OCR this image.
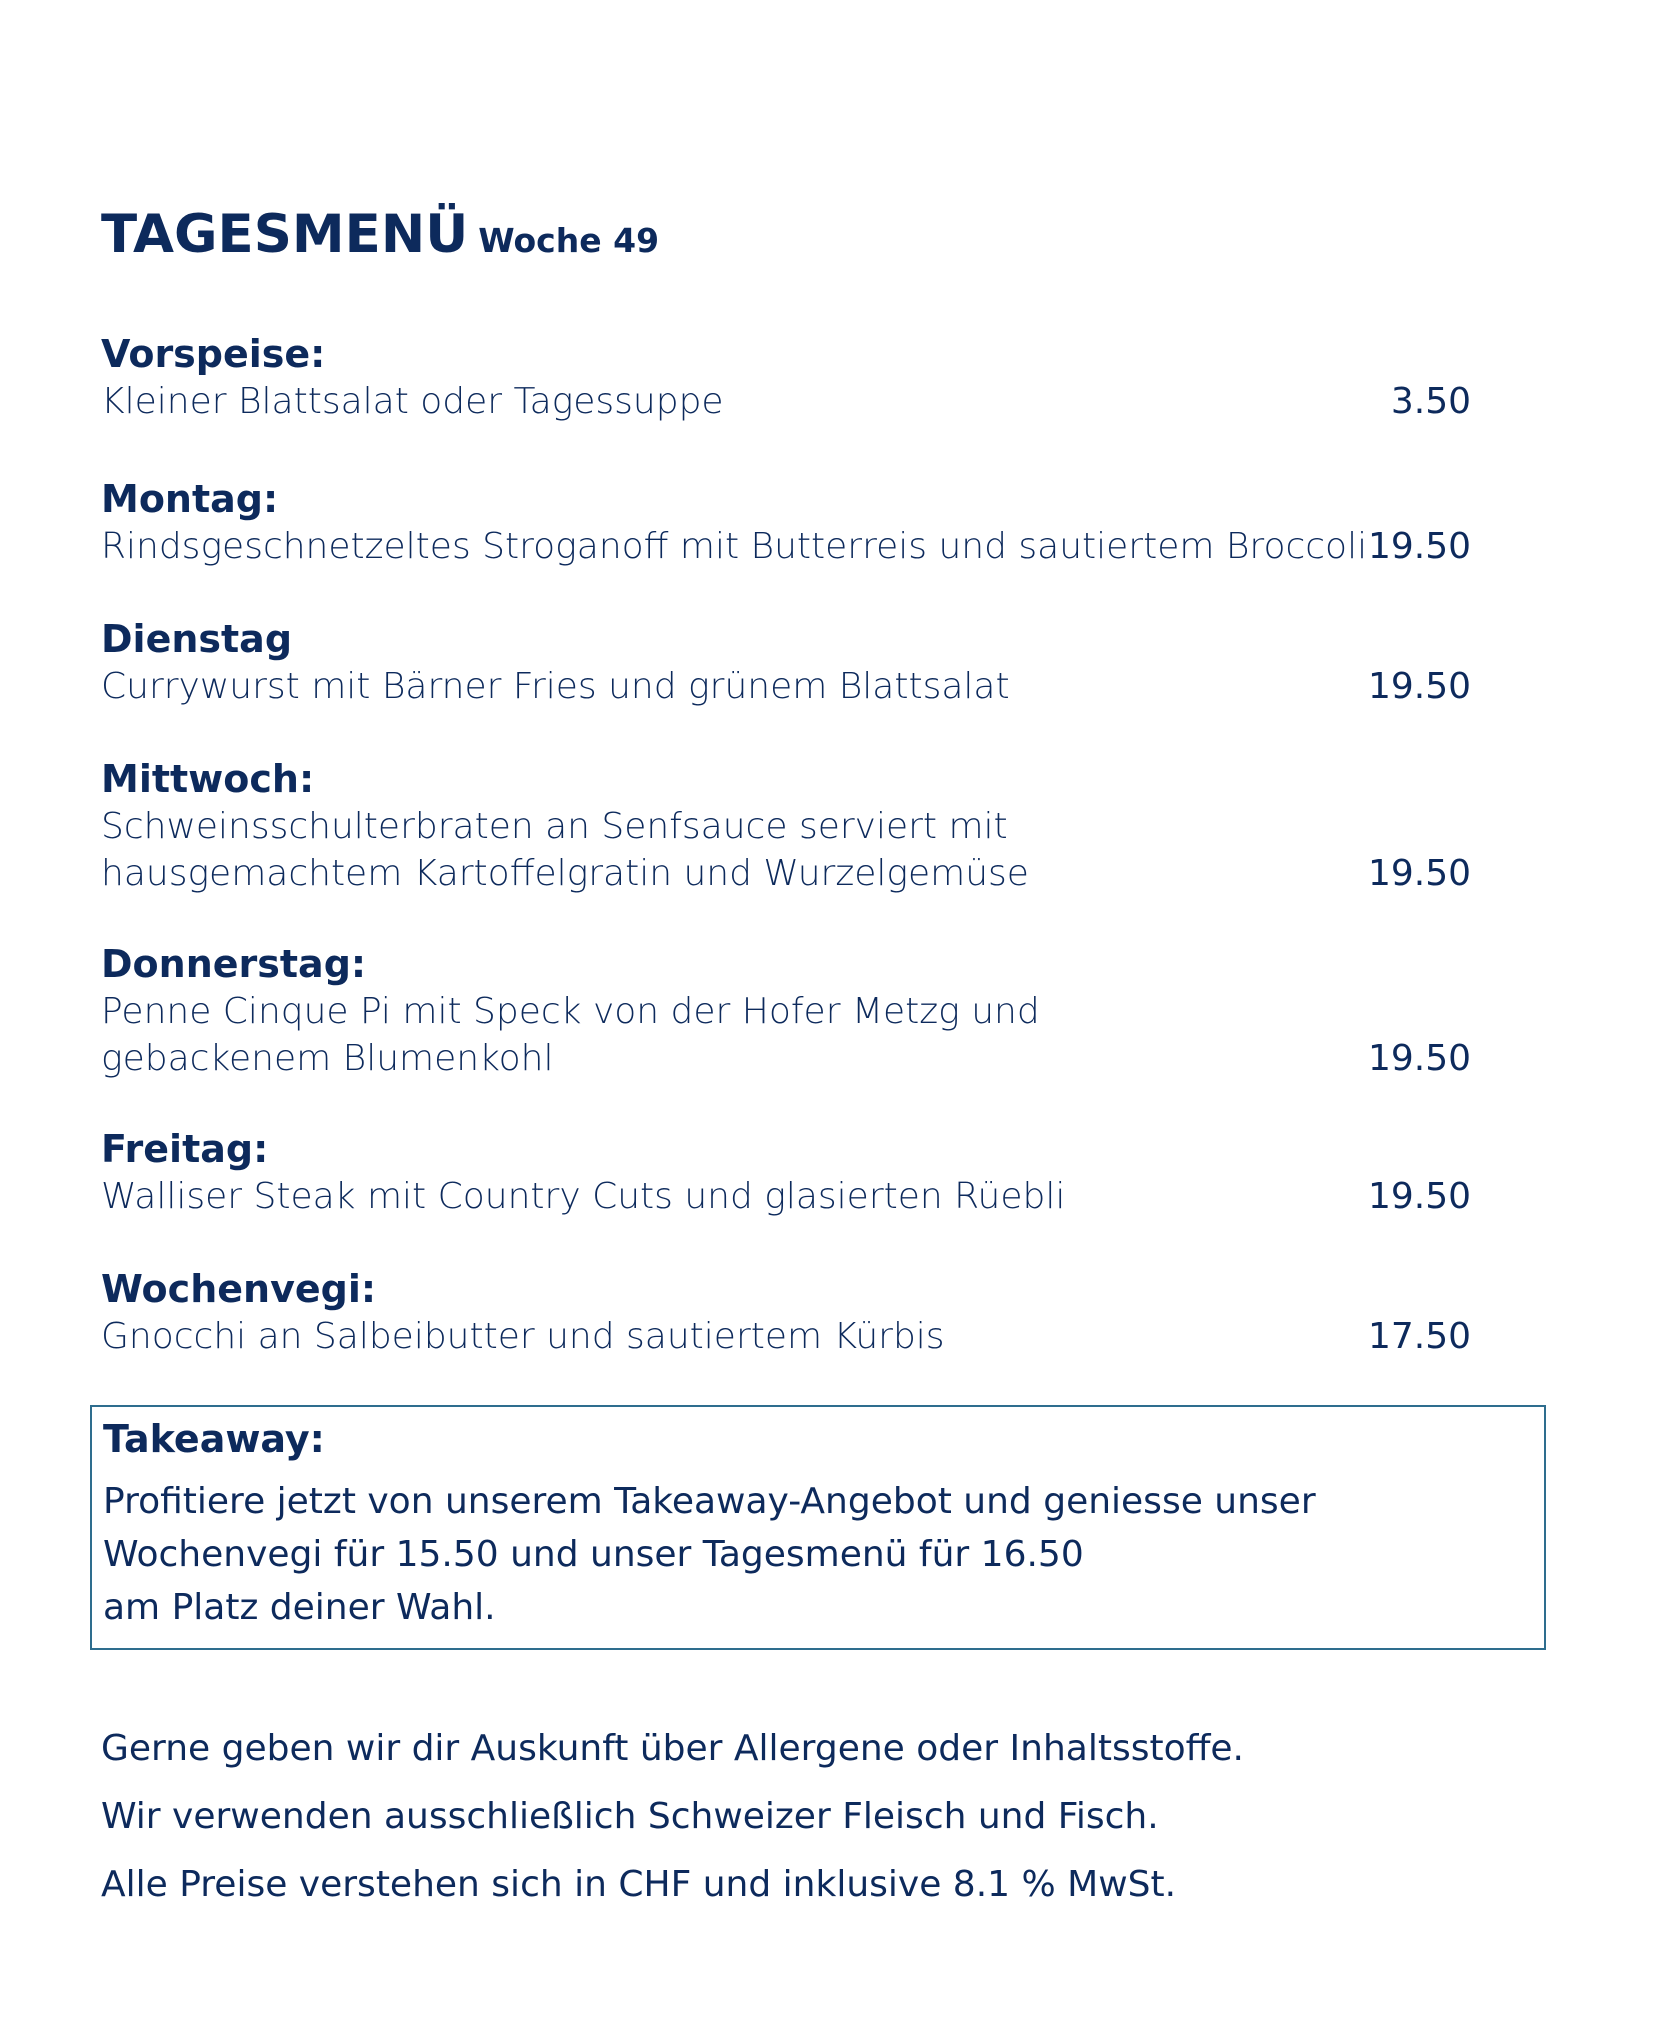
TAGESMENÜ Woche 49
Vorspeise:
Kleiner Blattsalat oder Tagessuppe	3.50
Montag:
Rindsgeschnetzeltes Stroganoff mit Butterreis und sautiertem Broccoli 19.50
Dienstag
Currywurst mit Bärner Fries und grünem Blattsalat	19.50
Mittwoch:
Schweinsschulterbraten an Senfsauce serviert mit
hausgemachtem Kartoffelgratin und Wurzelgemüse	19.50
Donnerstag:
Penne Cinque Pi mit Speck von der Hofer Metzg und
gebackenem Blumenkohl	19.50
Freitag:
Walliser Steak mit Country Cuts und glasierten Rüebli	19.50
Wochenvegi:
Gnocchi an Salbeibutter und sautiertem Kürbis	17.50
Takeaway:
Profitiere jetzt von unserem Takeaway-Angebot und geniesse unser
Wochenvegi für 15.50 und unser Tagesmenü für 16.50
am Platz deiner Wahl.
Gerne geben wir dir Auskunft über Allergene oder Inhaltsstoffe.
Wir verwenden ausschließlich Schweizer Fleisch und Fisch.
Alle Preise verstehen sich in CHF und inklusive 8.1 % MwSt.
